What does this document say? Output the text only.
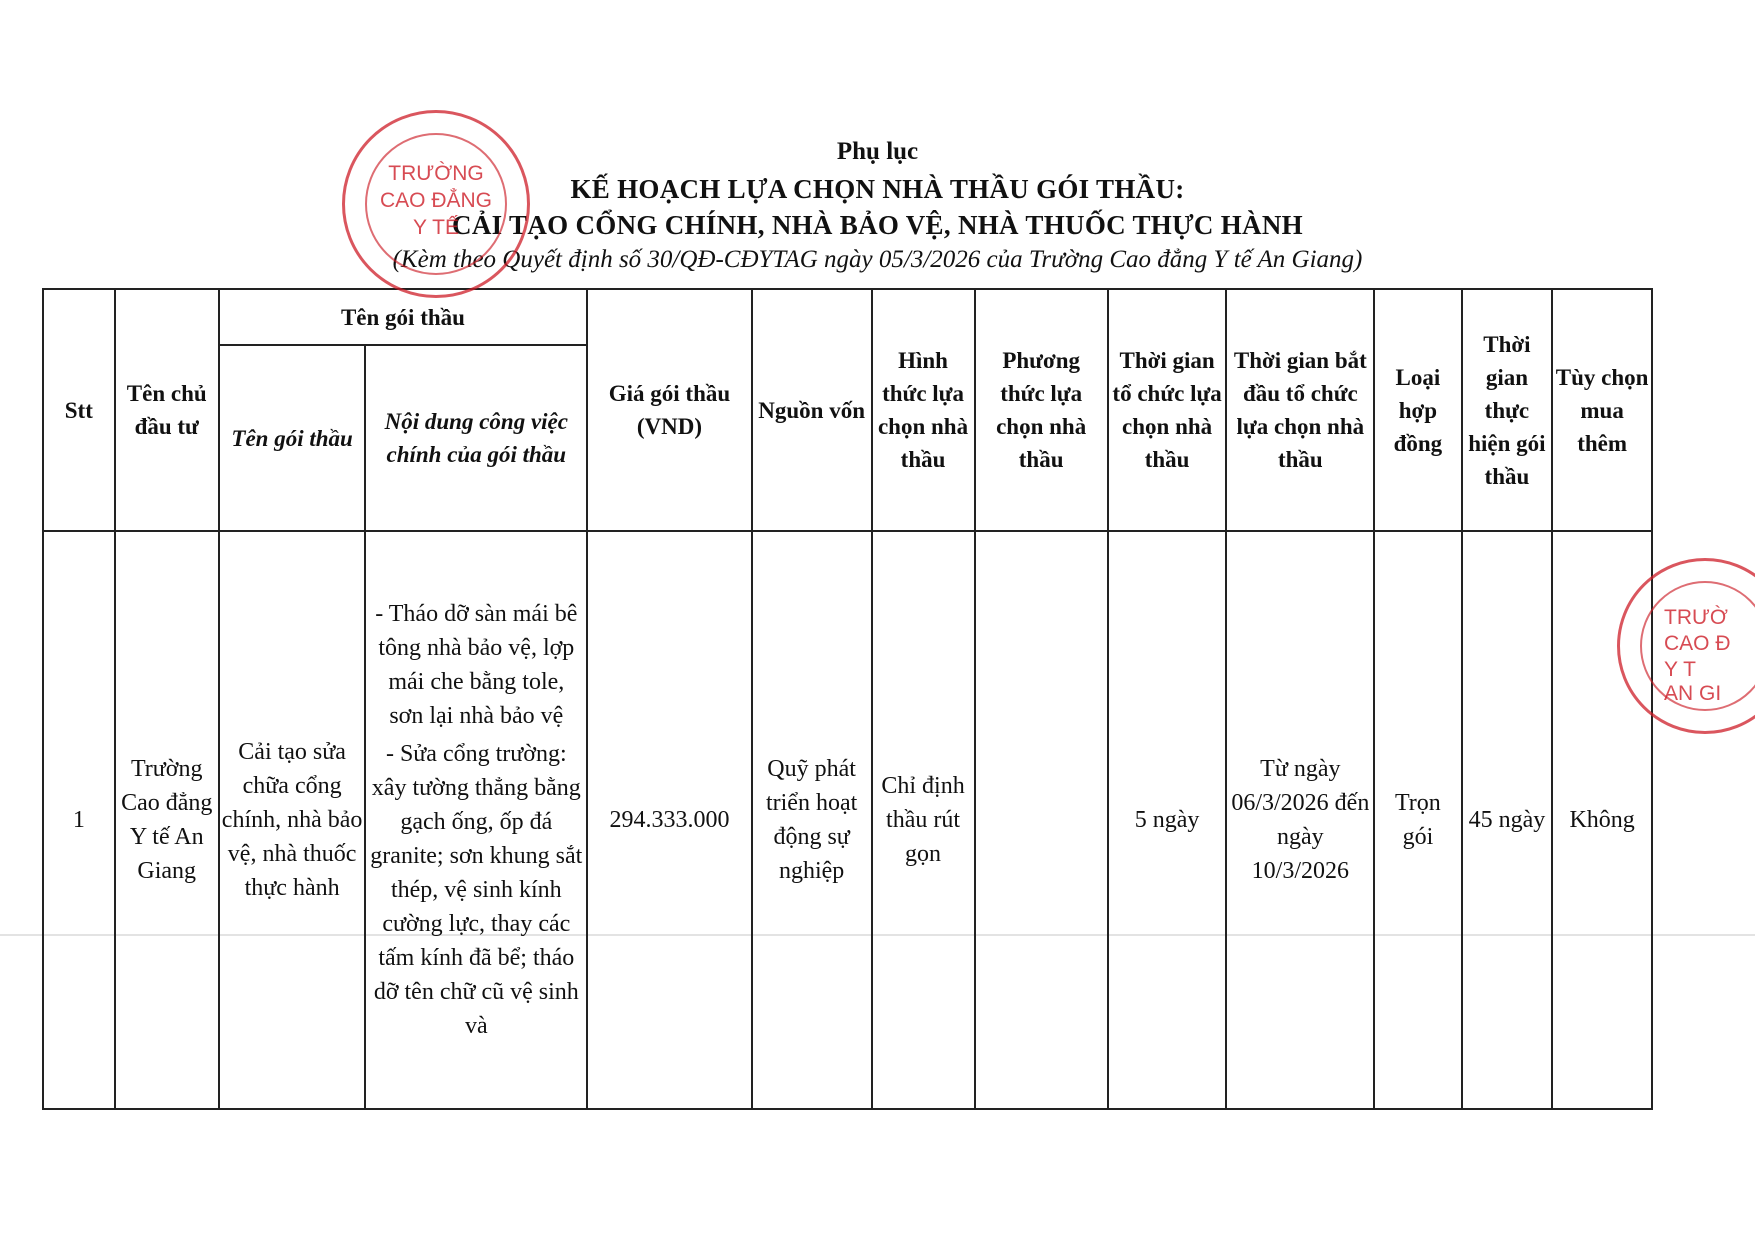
Phụ lục
KẾ HOẠCH LỰA CHỌN NHÀ THẦU GÓI THẦU:
CẢI TẠO CỔNG CHÍNH, NHÀ BẢO VỆ, NHÀ THUỐC THỰC HÀNH
(Kèm theo Quyết định số 30/QĐ-CĐYTAG ngày 05/3/2026 của Trường Cao đẳng Y tế An Giang)
Stt	Tên chủ đầu tư	Tên gói thầu		Giá gói thầu (VND)	Nguồn vốn	Hình thức lựa chọn nhà thầu	Phương thức lựa chọn nhà thầu	Thời gian tổ chức lựa chọn nhà thầu	Thời gian bắt đầu tổ chức lựa chọn nhà thầu	Loại hợp đồng	Thời gian thực hiện gói thầu	Tùy chọn mua thêm
		Tên gói thầu	Nội dung công việc chính của gói thầu									
1	Trường Cao đẳng Y tế An Giang	Cải tạo sửa chữa cổng chính, nhà bảo vệ, nhà thuốc thực hành	- Tháo dỡ sàn mái bê tông nhà bảo vệ, lợp mái che bằng tole, sơn lại nhà bảo vệ

- Sửa cổng trường: xây tường thẳng bằng gạch ống, ốp đá granite; sơn khung sắt thép, vệ sinh kính cường lực, thay các tấm kính đã bể; tháo dỡ tên chữ cũ vệ sinh và	294.333.000	Quỹ phát triển hoạt động sự nghiệp	Chỉ định thầu rút gọn		5 ngày	Từ ngày 06/3/2026 đến ngày 10/3/2026	Trọn gói	45 ngày	Không
TRƯỜNG
CAO ĐẲNG
Y TẾ
TRƯỜ
CAO Đ
Y T
AN GI
